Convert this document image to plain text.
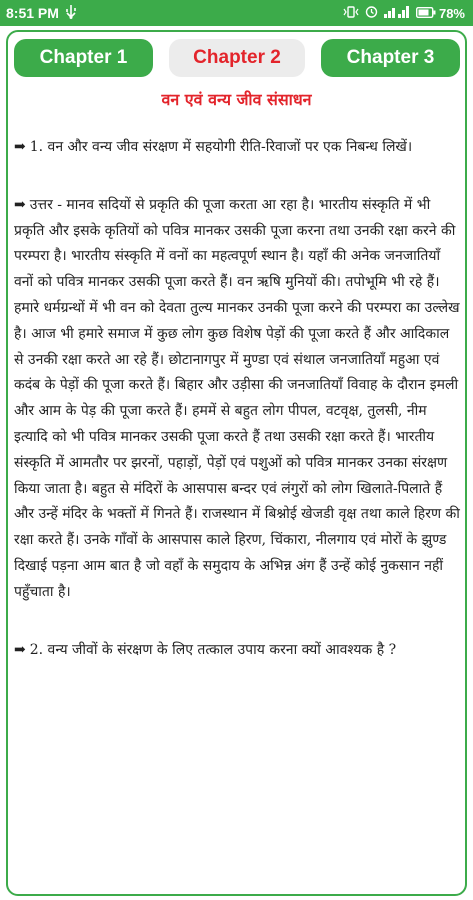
8:51 PM	78%
Chapter 1	Chapter 2	Chapter 3
वन एवं वन्य जीव संसाधन

➡ 1. वन और वन्य जीव संरक्षण में सहयोगी रीति-रिवाजों पर एक निबन्ध लिखें।

➡ उत्तर - मानव सदियों से प्रकृति की पूजा करता आ रहा है। भारतीय संस्कृति में भी प्रकृति और इसके कृतियों को पवित्र मानकर उसकी पूजा करना तथा उनकी रक्षा करने की परम्परा है। भारतीय संस्कृति में वनों का महत्वपूर्ण स्थान है। यहाँ की अनेक जनजातियाँ वनों को पवित्र मानकर उसकी पूजा करते हैं। वन ऋषि मुनियों की। तपोभूमि भी रहे हैं। हमारे धर्मग्रन्थों में भी वन को देवता तुल्य मानकर उनकी पूजा करने की परम्परा का उल्लेख है। आज भी हमारे समाज में कुछ लोग कुछ विशेष पेड़ों की पूजा करते हैं और आदिकाल से उनकी रक्षा करते आ रहे हैं। छोटानागपुर में मुण्डा एवं संथाल जनजातियाँ महुआ एवं कदंब के पेड़ों की पूजा करते हैं। बिहार और उड़ीसा की जनजातियाँ विवाह के दौरान इमली और आम के पेड़ की पूजा करते हैं। हममें से बहुत लोग पीपल, वटवृक्ष, तुलसी, नीम इत्यादि को भी पवित्र मानकर उसकी पूजा करते हैं तथा उसकी रक्षा करते हैं। भारतीय संस्कृति में आमतौर पर झरनों, पहाड़ों, पेड़ों एवं पशुओं को पवित्र मानकर उनका संरक्षण किया जाता है। बहुत से मंदिरों के आसपास बन्दर एवं लंगुरों को लोग खिलाते-पिलाते हैं और उन्हें मंदिर के भक्तों में गिनते हैं। राजस्थान में बिश्नोई खेजडी वृक्ष तथा काले हिरण की रक्षा करते हैं। उनके गाँवों के आसपास काले हिरण, चिंकारा, नीलगाय एवं मोरों के झुण्ड दिखाई पड़ना आम बात है जो वहाँ के समुदाय के अभिन्न अंग हैं उन्हें कोई नुकसान नहीं पहुँचाता है।

➡ 2. वन्य जीवों के संरक्षण के लिए तत्काल उपाय करना क्यों आवश्यक है ?
